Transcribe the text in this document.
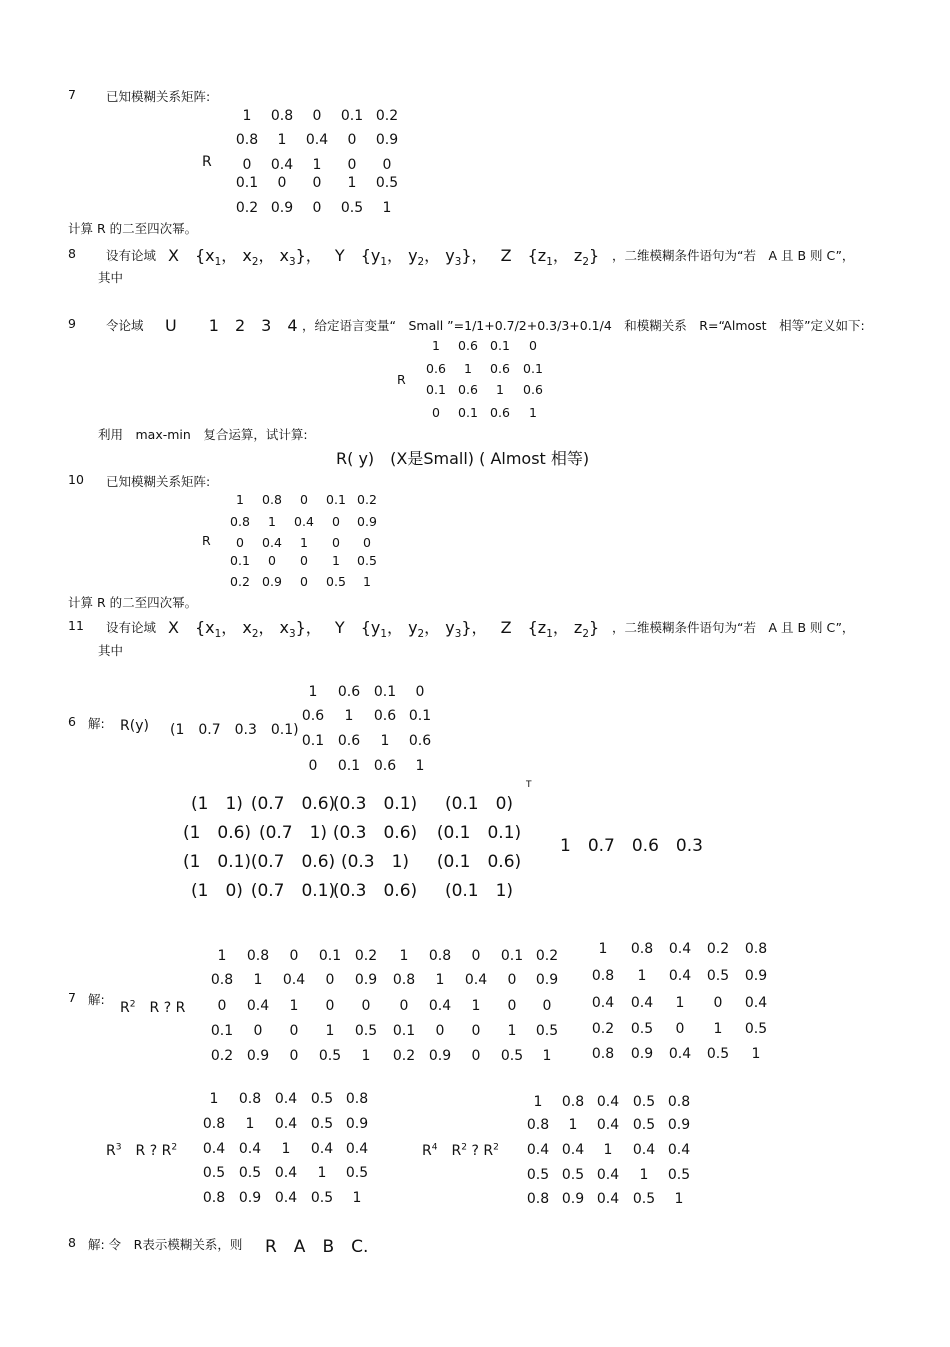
7 已知模糊关系矩阵:
R
1 0.8 0 0.1 0.2
0.8 1 0.4 0 0.9
0 0.4 1 0 0
0.1 0 0 1 0.5
0.2 0.9 0 0.5 1
计算 R 的二至四次幂。
8 设有论域 X　{$x_1$， $x_2$， $x_3$}，　 Y　{$y_1$， $y_2$， $y_3$}，　 Z　{$z_1$， $z_2$} ，二维模糊条件语句为“若　A 且 B 则 C”，
其中
9 令论域 U　　 1　 2　 3　 4 ，给定语言变量“　Small ”=1/1+0.7/2+0.3/3+0.1/4　和模糊关系　R=“Almost　相等”定义如下:
R
1 0.6 0.1 0
0.6 1 0.6 0.1
0.1 0.6 1 0.6
0 0.1 0.6 1
利用　max-min　复合运算，试计算:
R( y)　(X是Small) ( Almost 相等)
10 已知模糊关系矩阵:
R
1 0.8 0 0.1 0.2
0.8 1 0.4 0 0.9
0 0.4 1 0 0
0.1 0 0 1 0.5
0.2 0.9 0 0.5 1
计算 R 的二至四次幂。
11 设有论域 X　{$x_1$， $x_2$， $x_3$}，　 Y　{$y_1$， $y_2$， $y_3$}，　 Z　{$z_1$， $z_2$} ，二维模糊条件语句为“若　A 且 B 则 C”，
其中
6 解: R(y) (1　0.7　0.3　0.1)
1 0.6 0.1 0
0.6 1 0.6 0.1
0.1 0.6 1 0.6
0 0.1 0.6 1
T
(1　1) (0.7　0.6)
(0.3　0.1) (0.1　0)
(1　0.6) (0.7　1) (0.3　0.6) (0.1　0.1)
(1　0.1) (0.7　0.6) (0.3　1) (0.1　0.6)
(1　0) (0.7　0.1)
(0.3　0.6) (0.1　1)
1　0.7　0.6　0.3
7 解:
$R^2$　 R ? R
1 0.8 0 0.1 0.2
0.8 1 0.4 0 0.9
0 0.4 1 0 0
0.1 0 0 1 0.5
0.2 0.9 0 0.5 1
1 0.8 0 0.1 0.2
0.8 1 0.4 0 0.9
0 0.4 1 0 0
0.1 0 0 1 0.5
0.2 0.9 0 0.5 1
1 0.8 0.4 0.2 0.8
0.8 1 0.4 0.5 0.9
0.4 0.4 1 0 0.4
0.2 0.5 0 1 0.5
0.8 0.9 0.4 0.5 1
$R^3$　 R ? $R^2$
1 0.8 0.4 0.5 0.8
0.8 1 0.4 0.5 0.9
0.4 0.4 1 0.4 0.4
0.5 0.5 0.4 1 0.5
0.8 0.9 0.4 0.5 1
$R^4$　 $R^2$ ? $R^2$
1 0.8 0.4 0.5 0.8
0.8 1 0.4 0.5 0.9
0.4 0.4 1 0.4 0.4
0.5 0.5 0.4 1 0.5
0.8 0.9 0.4 0.5 1
8 解: 令　R表示模糊关系，则 R　A　B　C.
